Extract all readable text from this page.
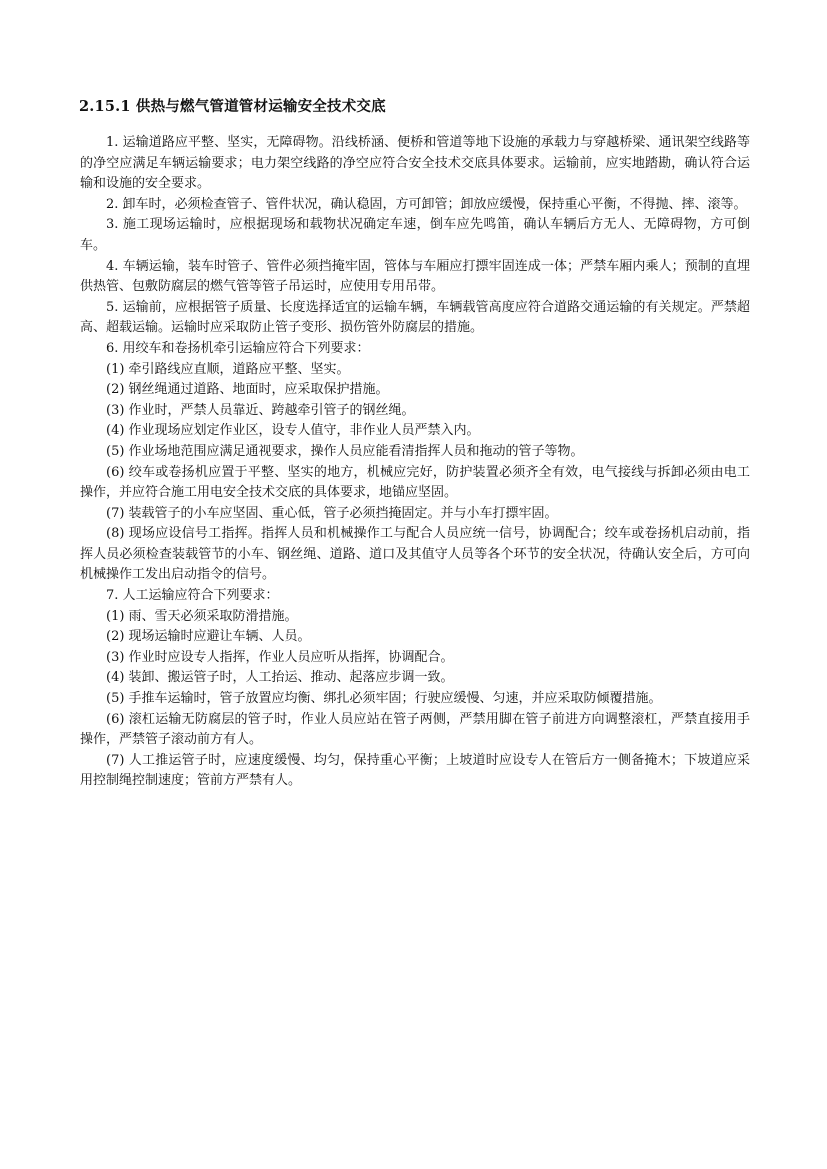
2.15.1 供热与燃气管道管材运输安全技术交底

1. 运输道路应平整、坚实，无障碍物。沿线桥涵、便桥和管道等地下设施的承载力与穿越桥梁、通讯架空线路等的净空应满足车辆运输要求；电力架空线路的净空应符合安全技术交底具体要求。运输前，应实地踏勘，确认符合运输和设施的安全要求。

2. 卸车时，必须检查管子、管件状况，确认稳固，方可卸管；卸放应缓慢，保持重心平衡，不得抛、摔、滚等。

3. 施工现场运输时，应根据现场和载物状况确定车速，倒车应先鸣笛，确认车辆后方无人、无障碍物，方可倒车。

4. 车辆运输，装车时管子、管件必须挡掩牢固，管体与车厢应打摽牢固连成一体；严禁车厢内乘人；预制的直埋供热管、包敷防腐层的燃气管等管子吊运时，应使用专用吊带。

5. 运输前，应根据管子质量、长度选择适宜的运输车辆，车辆载管高度应符合道路交通运输的有关规定。严禁超高、超载运输。运输时应采取防止管子变形、损伤管外防腐层的措施。

6. 用绞车和卷扬机牵引运输应符合下列要求：

(1) 牵引路线应直顺，道路应平整、坚实。

(2) 钢丝绳通过道路、地面时，应采取保护措施。

(3) 作业时，严禁人员靠近、跨越牵引管子的钢丝绳。

(4) 作业现场应划定作业区，设专人值守，非作业人员严禁入内。

(5) 作业场地范围应满足通视要求，操作人员应能看清指挥人员和拖动的管子等物。

(6) 绞车或卷扬机应置于平整、坚实的地方，机械应完好，防护装置必须齐全有效，电气接线与拆卸必须由电工操作，并应符合施工用电安全技术交底的具体要求，地锚应坚固。

(7) 装载管子的小车应坚固、重心低，管子必须挡掩固定。并与小车打摽牢固。

(8) 现场应设信号工指挥。指挥人员和机械操作工与配合人员应统一信号，协调配合；绞车或卷扬机启动前，指挥人员必须检查装载管节的小车、钢丝绳、道路、道口及其值守人员等各个环节的安全状况，待确认安全后，方可向机械操作工发出启动指令的信号。

7. 人工运输应符合下列要求：

(1) 雨、雪天必须采取防滑措施。

(2) 现场运输时应避让车辆、人员。

(3) 作业时应设专人指挥，作业人员应听从指挥，协调配合。

(4) 装卸、搬运管子时，人工抬运、推动、起落应步调一致。

(5) 手推车运输时，管子放置应均衡、绑扎必须牢固；行驶应缓慢、匀速，并应采取防倾覆措施。

(6) 滚杠运输无防腐层的管子时，作业人员应站在管子两侧，严禁用脚在管子前进方向调整滚杠，严禁直接用手操作，严禁管子滚动前方有人。

(7) 人工推运管子时，应速度缓慢、均匀，保持重心平衡；上坡道时应设专人在管后方一侧备掩木；下坡道应采用控制绳控制速度；管前方严禁有人。
